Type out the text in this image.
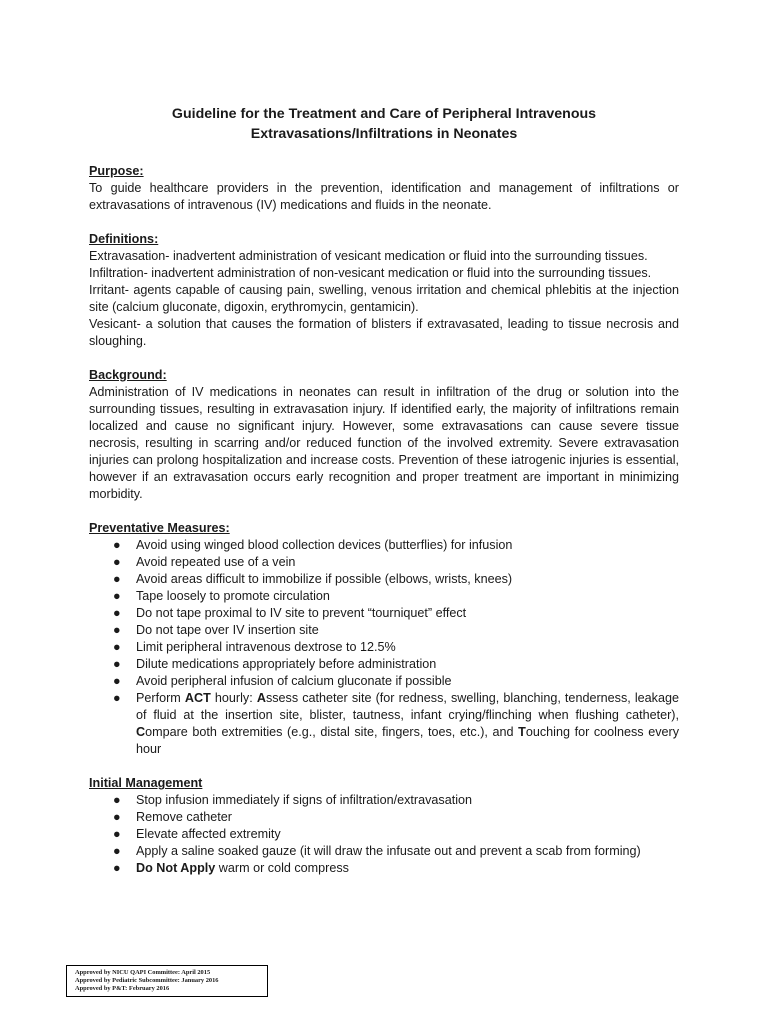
Guideline for the Treatment and Care of Peripheral Intravenous
Extravasations/Infiltrations in Neonates

Purpose:

To guide healthcare providers in the prevention, identification and management of infiltrations or extravasations of intravenous (IV) medications and fluids in the neonate.

Definitions:

Extravasation- inadvertent administration of vesicant medication or fluid into the surrounding tissues.

Infiltration- inadvertent administration of non-vesicant medication or fluid into the surrounding tissues.

Irritant- agents capable of causing pain, swelling, venous irritation and chemical phlebitis at the injection site (calcium gluconate, digoxin, erythromycin, gentamicin).

Vesicant- a solution that causes the formation of blisters if extravasated, leading to tissue necrosis and sloughing.

Background:

Administration of IV medications in neonates can result in infiltration of the drug or solution into the surrounding tissues, resulting in extravasation injury. If identified early, the majority of infiltrations remain localized and cause no significant injury. However, some extravasations can cause severe tissue necrosis, resulting in scarring and/or reduced function of the involved extremity. Severe extravasation injuries can prolong hospitalization and increase costs. Prevention of these iatrogenic injuries is essential, however if an extravasation occurs early recognition and proper treatment are important in minimizing morbidity.

Preventative Measures:

● Avoid using winged blood collection devices (butterflies) for infusion
● Avoid repeated use of a vein
● Avoid areas difficult to immobilize if possible (elbows, wrists, knees)
● Tape loosely to promote circulation
● Do not tape proximal to IV site to prevent “tourniquet” effect
● Do not tape over IV insertion site
● Limit peripheral intravenous dextrose to 12.5%
● Dilute medications appropriately before administration
● Avoid peripheral infusion of calcium gluconate if possible
● Perform ACT hourly: Assess catheter site (for redness, swelling, blanching, tenderness, leakage of fluid at the insertion site, blister, tautness, infant crying/flinching when flushing catheter), Compare both extremities (e.g., distal site, fingers, toes, etc.), and Touching for coolness every hour

Initial Management

● Stop infusion immediately if signs of infiltration/extravasation
● Remove catheter
● Elevate affected extremity
● Apply a saline soaked gauze (it will draw the infusate out and prevent a scab from forming)
● Do Not Apply warm or cold compress
Approved by NICU QAPI Committee: April 2015
Approved by Pediatric Subcommittee: January 2016
Approved by P&T: February 2016
